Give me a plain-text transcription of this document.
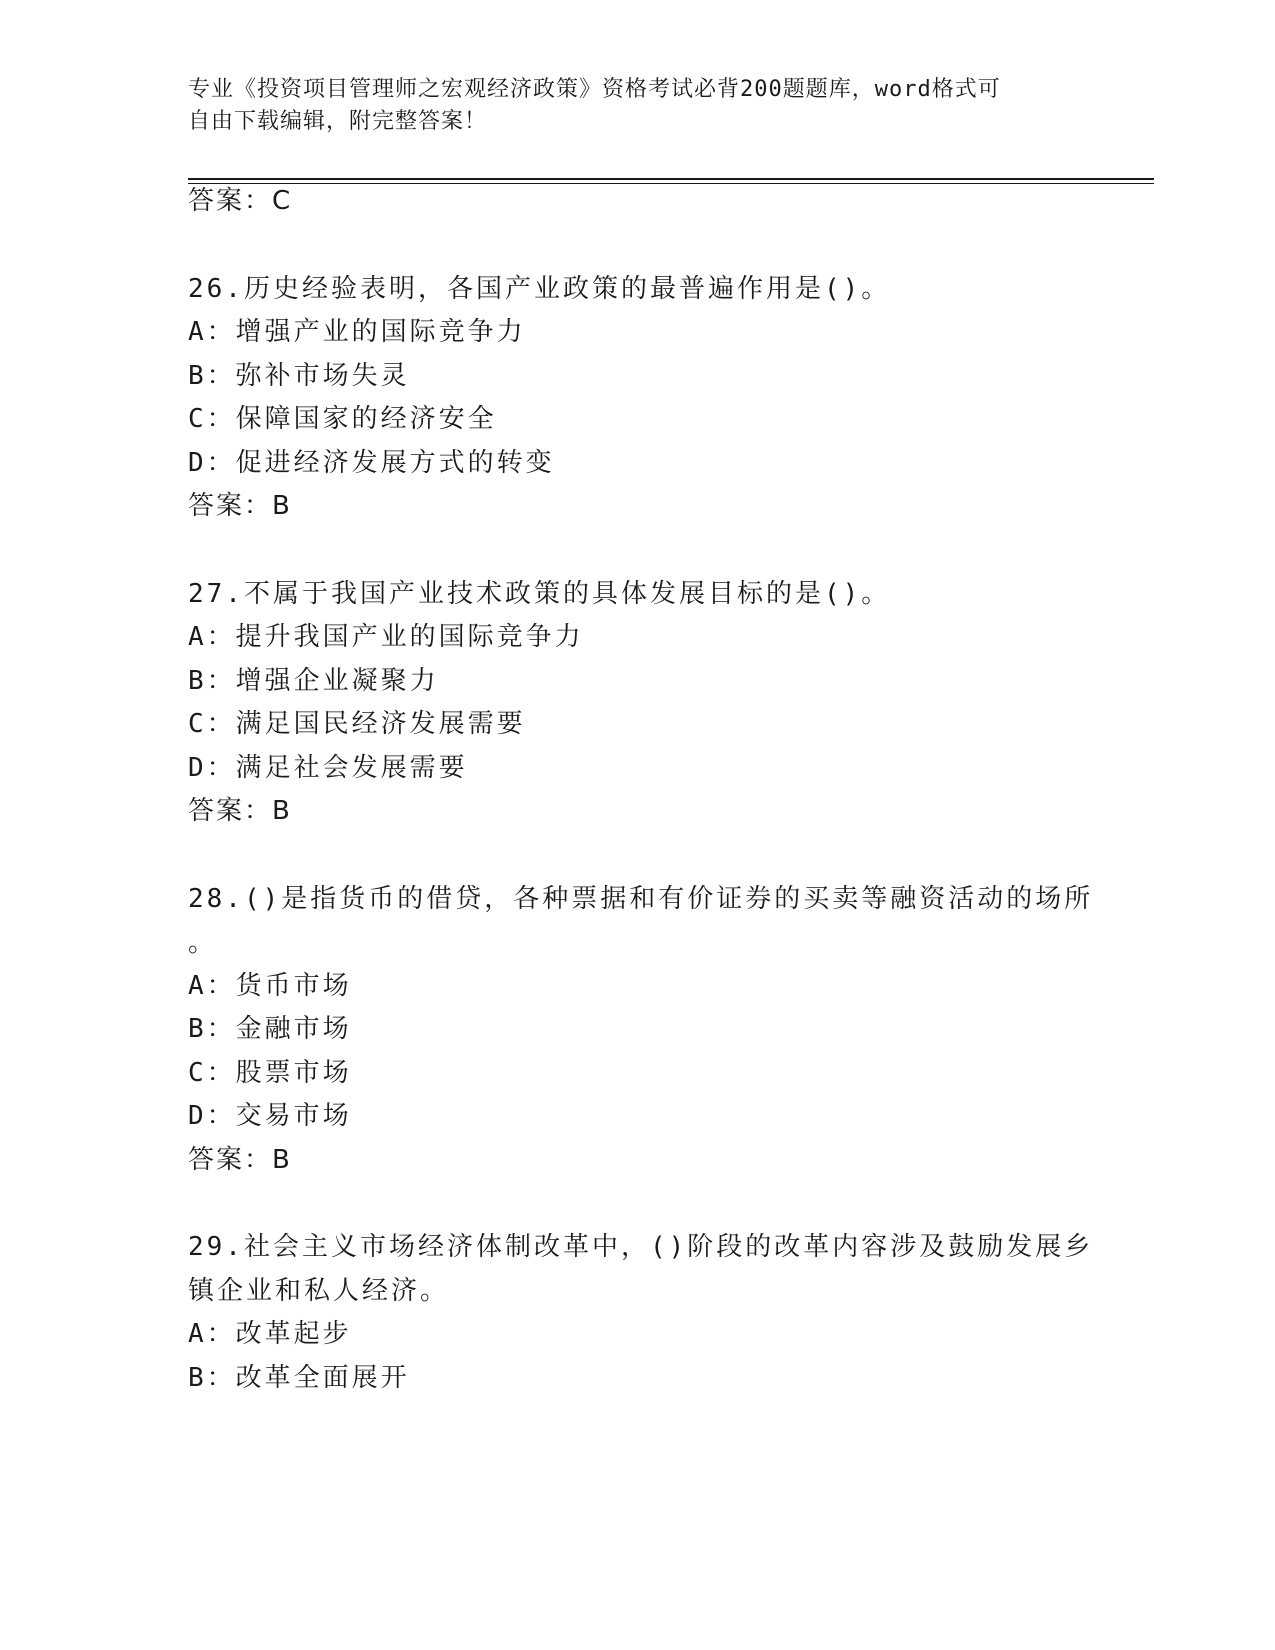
专业《投资项目管理师之宏观经济政策》资格考试必背200题题库，word格式可
自由下载编辑，附完整答案！
答案：C
26.历史经验表明，各国产业政策的最普遍作用是()。
A：增强产业的国际竞争力
B：弥补市场失灵
C：保障国家的经济安全
D：促进经济发展方式的转变
答案：B
27.不属于我国产业技术政策的具体发展目标的是()。
A：提升我国产业的国际竞争力
B：增强企业凝聚力
C：满足国民经济发展需要
D：满足社会发展需要
答案：B
28.()是指货币的借贷，各种票据和有价证券的买卖等融资活动的场所
。
A：货币市场
B：金融市场
C：股票市场
D：交易市场
答案：B
29.社会主义市场经济体制改革中，()阶段的改革内容涉及鼓励发展乡
镇企业和私人经济。
A：改革起步
B：改革全面展开
